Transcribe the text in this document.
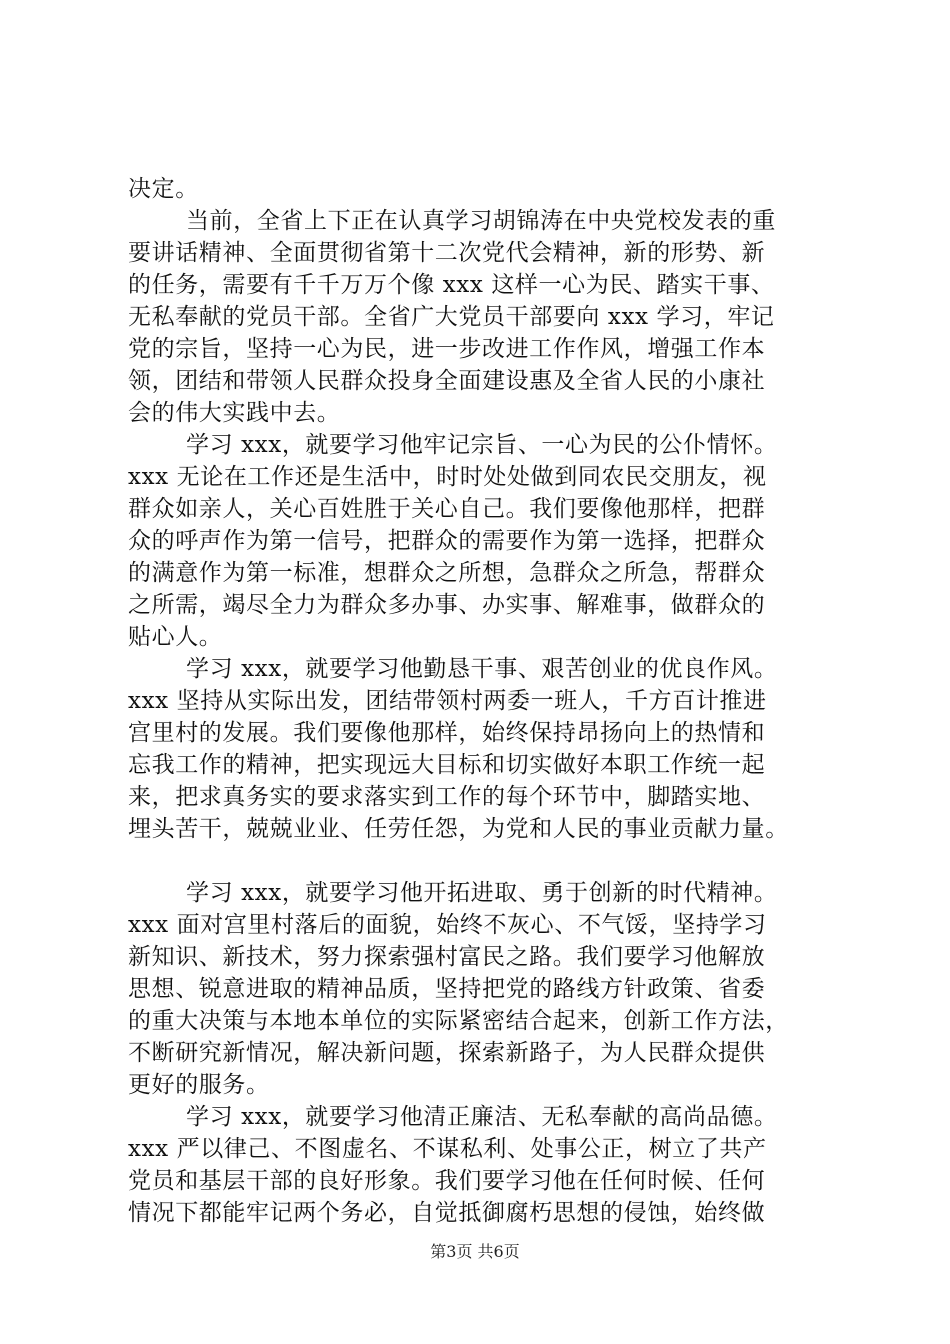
决定。
当前，全省上下正在认真学习胡锦涛在中央党校发表的重
要讲话精神、全面贯彻省第十二次党代会精神，新的形势、新
的任务，需要有千千万万个像 xxx 这样一心为民、踏实干事、
无私奉献的党员干部。全省广大党员干部要向 xxx 学习，牢记
党的宗旨，坚持一心为民，进一步改进工作作风，增强工作本
领，团结和带领人民群众投身全面建设惠及全省人民的小康社
会的伟大实践中去。
学习 xxx，就要学习他牢记宗旨、一心为民的公仆情怀。
xxx 无论在工作还是生活中，时时处处做到同农民交朋友，视
群众如亲人，关心百姓胜于关心自己。我们要像他那样，把群
众的呼声作为第一信号，把群众的需要作为第一选择，把群众
的满意作为第一标准，想群众之所想，急群众之所急，帮群众
之所需，竭尽全力为群众多办事、办实事、解难事，做群众的
贴心人。
学习 xxx，就要学习他勤恳干事、艰苦创业的优良作风。
xxx 坚持从实际出发，团结带领村两委一班人，千方百计推进
宫里村的发展。我们要像他那样，始终保持昂扬向上的热情和
忘我工作的精神，把实现远大目标和切实做好本职工作统一起
来，把求真务实的要求落实到工作的每个环节中，脚踏实地、
埋头苦干，兢兢业业、任劳任怨，为党和人民的事业贡献力量。
学习 xxx，就要学习他开拓进取、勇于创新的时代精神。
xxx 面对宫里村落后的面貌，始终不灰心、不气馁，坚持学习
新知识、新技术，努力探索强村富民之路。我们要学习他解放
思想、锐意进取的精神品质，坚持把党的路线方针政策、省委
的重大决策与本地本单位的实际紧密结合起来，创新工作方法，
不断研究新情况，解决新问题，探索新路子，为人民群众提供
更好的服务。
学习 xxx，就要学习他清正廉洁、无私奉献的高尚品德。
xxx 严以律己、不图虚名、不谋私利、处事公正，树立了共产
党员和基层干部的良好形象。我们要学习他在任何时候、任何
情况下都能牢记两个务必，自觉抵御腐朽思想的侵蚀，始终做
第3页 共6页
